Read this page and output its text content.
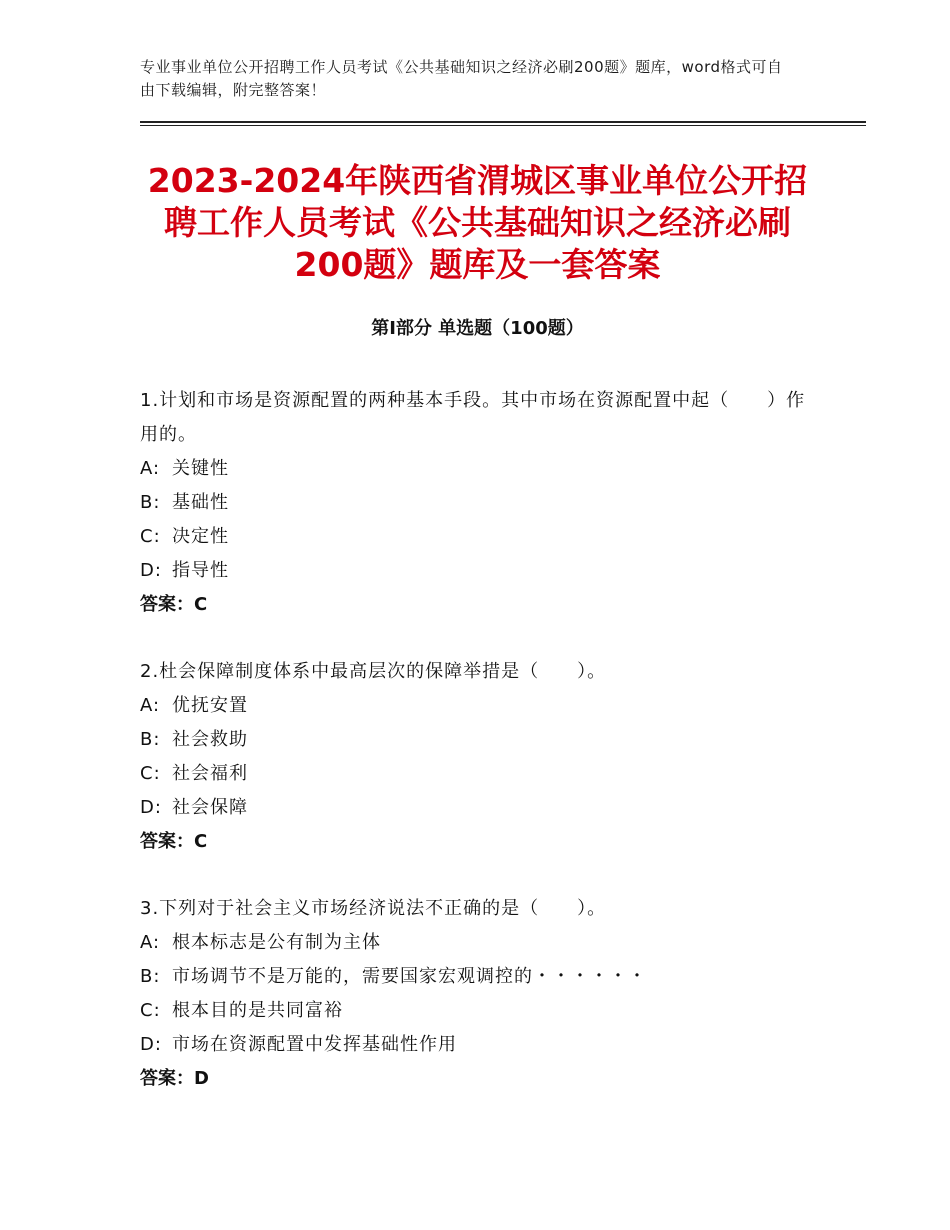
专业事业单位公开招聘工作人员考试《公共基础知识之经济必刷200题》题库，word格式可自由下载编辑，附完整答案！
2023-2024年陕西省渭城区事业单位公开招聘工作人员考试《公共基础知识之经济必刷200题》题库及一套答案
第Ⅰ部分 单选题（100题）

1.计划和市场是资源配置的两种基本手段。其中市场在资源配置中起（　　）作用的。

A: 关键性

B: 基础性

C: 决定性

D: 指导性

答案：C

2.杜会保障制度体系中最高层次的保障举措是（　　）。

A: 优抚安置

B: 社会救助

C: 社会福利

D: 社会保障

答案：C

3.下列对于社会主义市场经济说法不正确的是（　　）。

A: 根本标志是公有制为主体

B: 市场调节不是万能的，需要国家宏观调控的・・・・・・

C: 根本目的是共同富裕

D: 市场在资源配置中发挥基础性作用

答案：D
